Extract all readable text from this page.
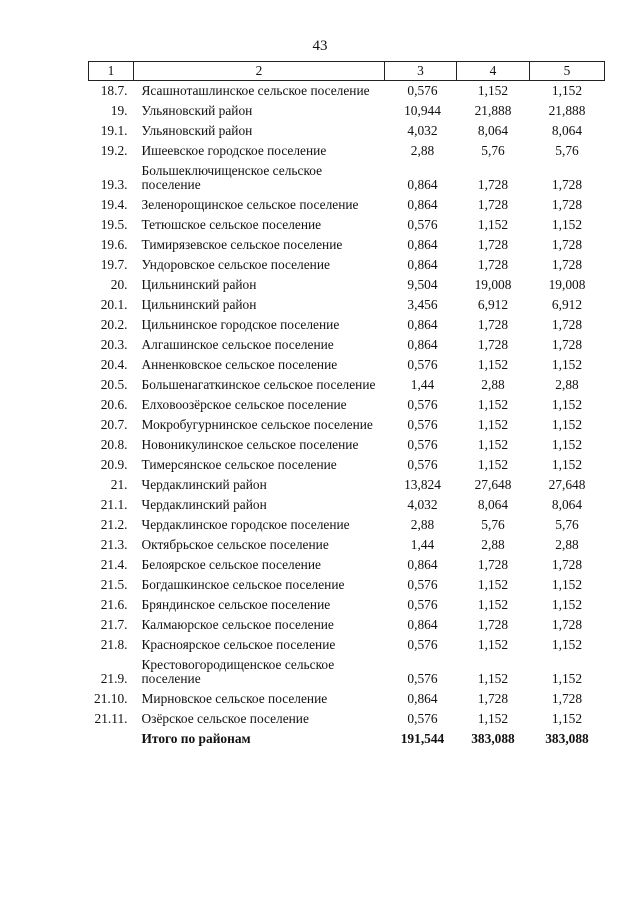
43
1	2	3	4	5
18.7.	Ясашноташлинское сельское поселение	0,576	1,152	1,152
19.	Ульяновский район	10,944	21,888	21,888
19.1.	Ульяновский район	4,032	8,064	8,064
19.2.	Ишеевское городское поселение	2,88	5,76	5,76
19.3.	Большеключищенское сельское поселение	0,864	1,728	1,728
19.4.	Зеленорощинское сельское поселение	0,864	1,728	1,728
19.5.	Тетюшское сельское поселение	0,576	1,152	1,152
19.6.	Тимирязевское сельское поселение	0,864	1,728	1,728
19.7.	Ундоровское сельское поселение	0,864	1,728	1,728
20.	Цильнинский район	9,504	19,008	19,008
20.1.	Цильнинский район	3,456	6,912	6,912
20.2.	Цильнинское городское поселение	0,864	1,728	1,728
20.3.	Алгашинское сельское поселение	0,864	1,728	1,728
20.4.	Анненковское сельское поселение	0,576	1,152	1,152
20.5.	Большенагаткинское сельское поселение	1,44	2,88	2,88
20.6.	Елховоозёрское сельское поселение	0,576	1,152	1,152
20.7.	Мокробугурнинское сельское поселение	0,576	1,152	1,152
20.8.	Новоникулинское сельское поселение	0,576	1,152	1,152
20.9.	Тимерсянское сельское поселение	0,576	1,152	1,152
21.	Чердаклинский район	13,824	27,648	27,648
21.1.	Чердаклинский район	4,032	8,064	8,064
21.2.	Чердаклинское городское поселение	2,88	5,76	5,76
21.3.	Октябрьское сельское поселение	1,44	2,88	2,88
21.4.	Белоярское сельское поселение	0,864	1,728	1,728
21.5.	Богдашкинское сельское поселение	0,576	1,152	1,152
21.6.	Бряндинское сельское поселение	0,576	1,152	1,152
21.7.	Калмаюрское сельское поселение	0,864	1,728	1,728
21.8.	Красноярское сельское поселение	0,576	1,152	1,152
21.9.	Крестовогородищенское сельское поселение	0,576	1,152	1,152
21.10.	Мирновское сельское поселение	0,864	1,728	1,728
21.11.	Озёрское сельское поселение	0,576	1,152	1,152
	Итого по районам	191,544	383,088	383,088
